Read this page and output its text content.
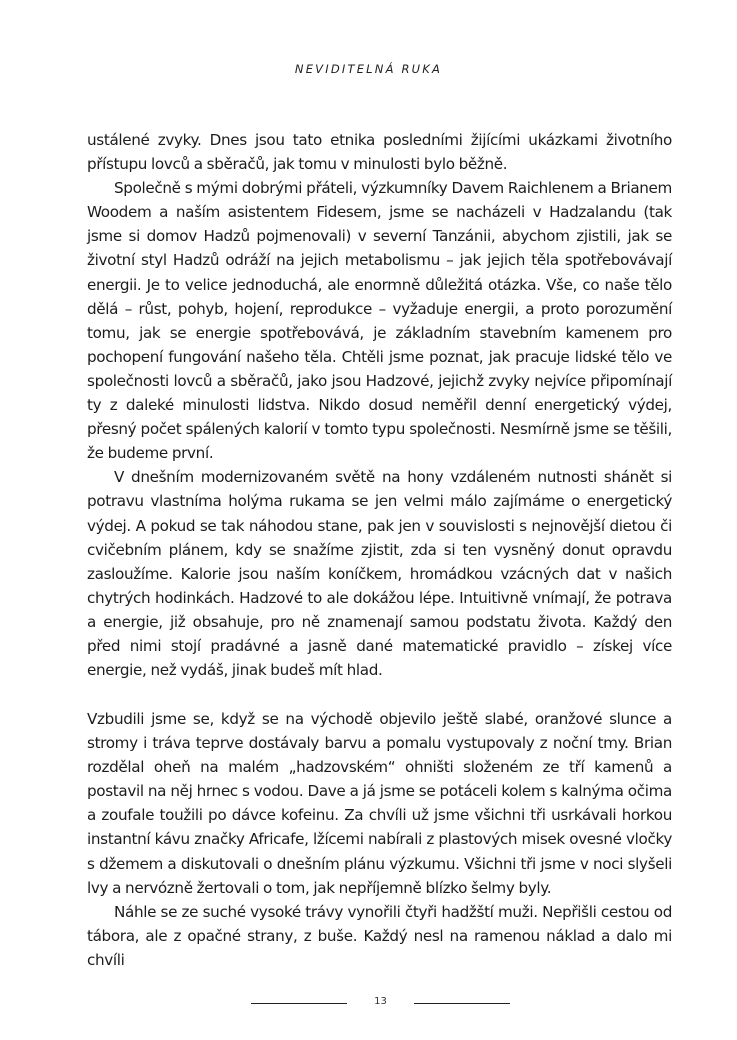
NEVIDITELNÁ RUKA

ustálené zvyky. Dnes jsou tato etnika posledními žijícími ukázkami životního přístupu lovců a sběračů, jak tomu v minulosti bylo běžně.

Společně s mými dobrými přáteli, výzkumníky Davem Raichlenem a Brianem Woodem a naším asistentem Fidesem, jsme se nacházeli v Hadzalandu (tak jsme si domov Hadzů pojmenovali) v severní Tanzánii, abychom zjistili, jak se životní styl Hadzů odráží na jejich metabolismu – jak jejich těla spotřebovávají energii. Je to velice jednoduchá, ale enormně důležitá otázka. Vše, co naše tělo dělá – růst, pohyb, hojení, reprodukce – vyžaduje energii, a proto porozumění tomu, jak se energie spotřebovává, je základním stavebním kamenem pro pochopení fungování našeho těla. Chtěli jsme poznat, jak pracuje lidské tělo ve společnosti lovců a sběračů, jako jsou Hadzové, jejichž zvyky nejvíce připomínají ty z daleké minulosti lidstva. Nikdo dosud neměřil denní energetický výdej, přesný počet spálených kalorií v tomto typu společnosti. Nesmírně jsme se těšili, že budeme první.

V dnešním modernizovaném světě na hony vzdáleném nutnosti shánět si potravu vlastníma holýma rukama se jen velmi málo zajímáme o energetický výdej. A pokud se tak náhodou stane, pak jen v souvislosti s nejnovější dietou či cvičebním plánem, kdy se snažíme zjistit, zda si ten vysněný donut opravdu zasloužíme. Kalorie jsou naším koníčkem, hromádkou vzácných dat v našich chytrých hodinkách. Hadzové to ale dokážou lépe. Intuitivně vnímají, že potrava a energie, již obsahuje, pro ně znamenají samou podstatu života. Každý den před nimi stojí pradávné a jasně dané matematické pravidlo – získej více energie, než vydáš, jinak budeš mít hlad.

Vzbudili jsme se, když se na východě objevilo ještě slabé, oranžové slunce a stromy i tráva teprve dostávaly barvu a pomalu vystupovaly z noční tmy. Brian rozdělal oheň na malém „hadzovském“ ohništi složeném ze tří kamenů a postavil na něj hrnec s vodou. Dave a já jsme se potáceli kolem s kalnýma očima a zoufale toužili po dávce kofeinu. Za chvíli už jsme všichni tři usrkávali horkou instantní kávu značky Africafe, lžícemi nabírali z plastových misek ovesné vločky s džemem a diskutovali o dnešním plánu výzkumu. Všichni tři jsme v noci slyšeli lvy a nervózně žertovali o tom, jak nepříjemně blízko šelmy byly.

Náhle se ze suché vysoké trávy vynořili čtyři hadžští muži. Nepřišli cestou od tábora, ale z opačné strany, z buše. Každý nesl na ramenou náklad a dalo mi chvíli

13
